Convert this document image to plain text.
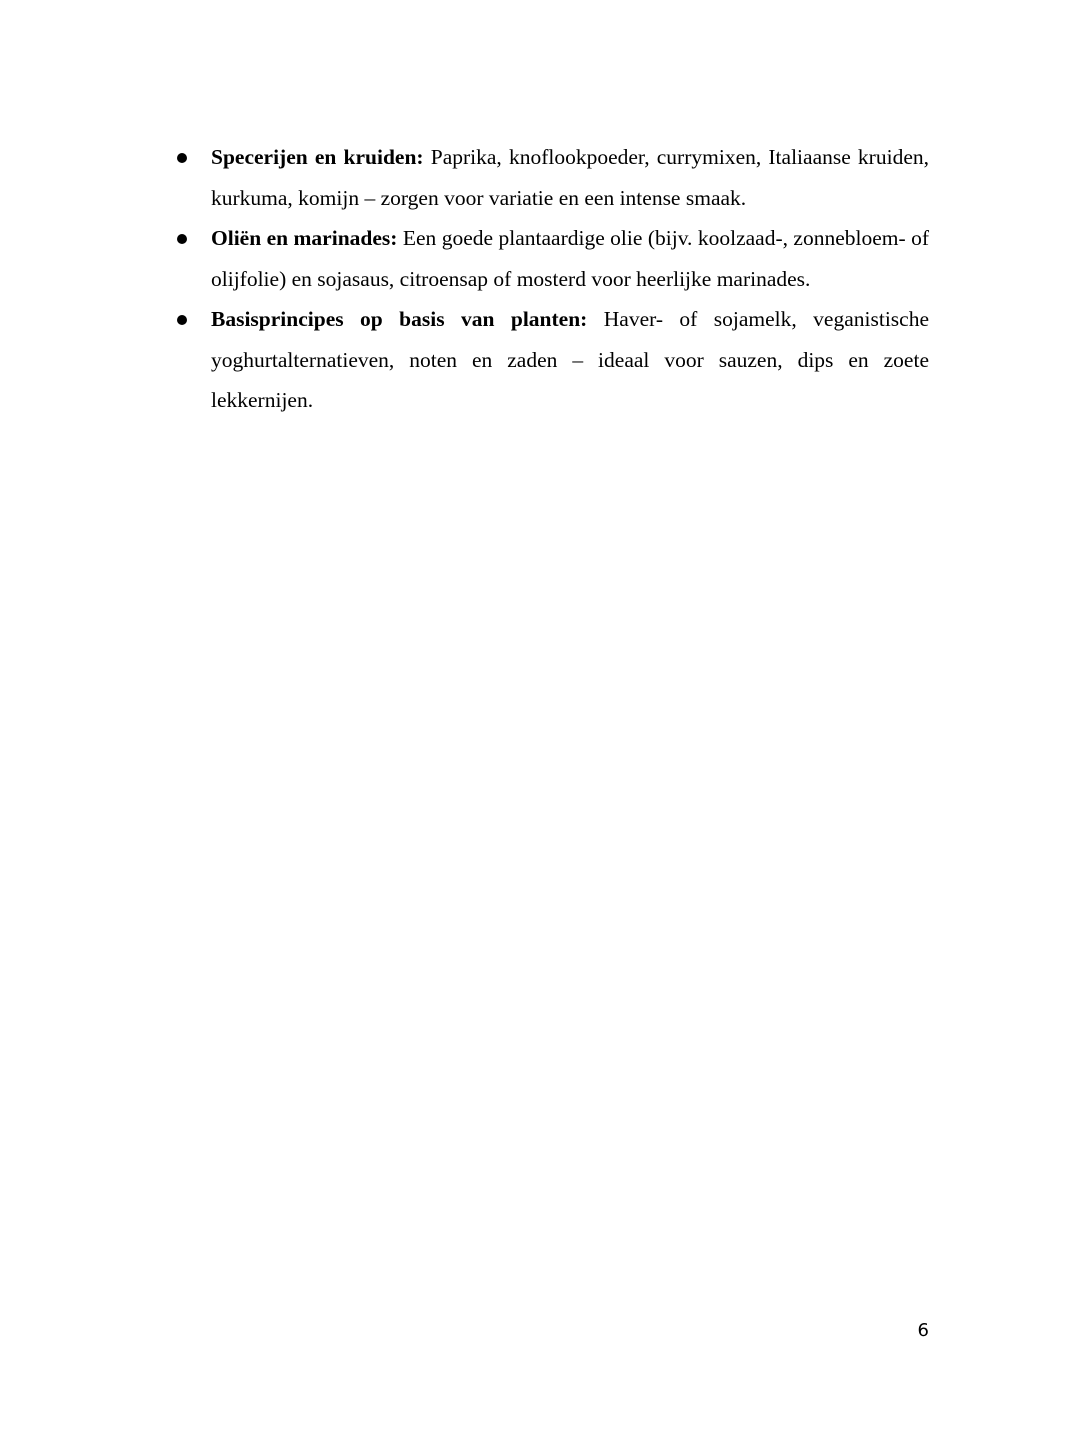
Specerijen en kruiden: Paprika, knoflookpoeder, currymixen, Italiaanse kruiden, kurkuma, komijn – zorgen voor variatie en een intense smaak.
Oliën en marinades: Een goede plantaardige olie (bijv. koolzaad-, zonnebloem- of olijfolie) en sojasaus, citroensap of mosterd voor heerlijke marinades.
Basisprincipes op basis van planten: Haver- of sojamelk, veganistische yoghurtalternatieven, noten en zaden – ideaal voor sauzen, dips en zoete lekkernijen.
6
